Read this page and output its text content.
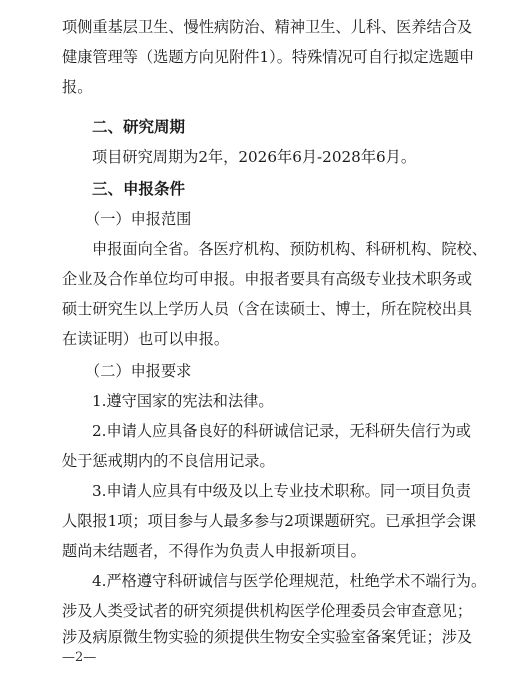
项侧重基层卫生、慢性病防治、精神卫生、儿科、医养结合及
健康管理等（选题方向见附件1）。特殊情况可自行拟定选题申
报。
二、研究周期
项目研究周期为2年，2026年6月-2028年6月。
三、申报条件
（一）申报范围
申报面向全省。各医疗机构、预防机构、科研机构、院校、
企业及合作单位均可申报。申报者要具有高级专业技术职务或
硕士研究生以上学历人员（含在读硕士、博士，所在院校出具
在读证明）也可以申报。
（二）申报要求
1.遵守国家的宪法和法律。
2.申请人应具备良好的科研诚信记录，无科研失信行为或
处于惩戒期内的不良信用记录。
3.申请人应具有中级及以上专业技术职称。同一项目负责
人限报1项；项目参与人最多参与2项课题研究。已承担学会课
题尚未结题者，不得作为负责人申报新项目。
4.严格遵守科研诚信与医学伦理规范，杜绝学术不端行为。
涉及人类受试者的研究须提供机构医学伦理委员会审查意见；
—2—
涉及病原微生物实验的须提供生物安全实验室备案凭证；涉及
